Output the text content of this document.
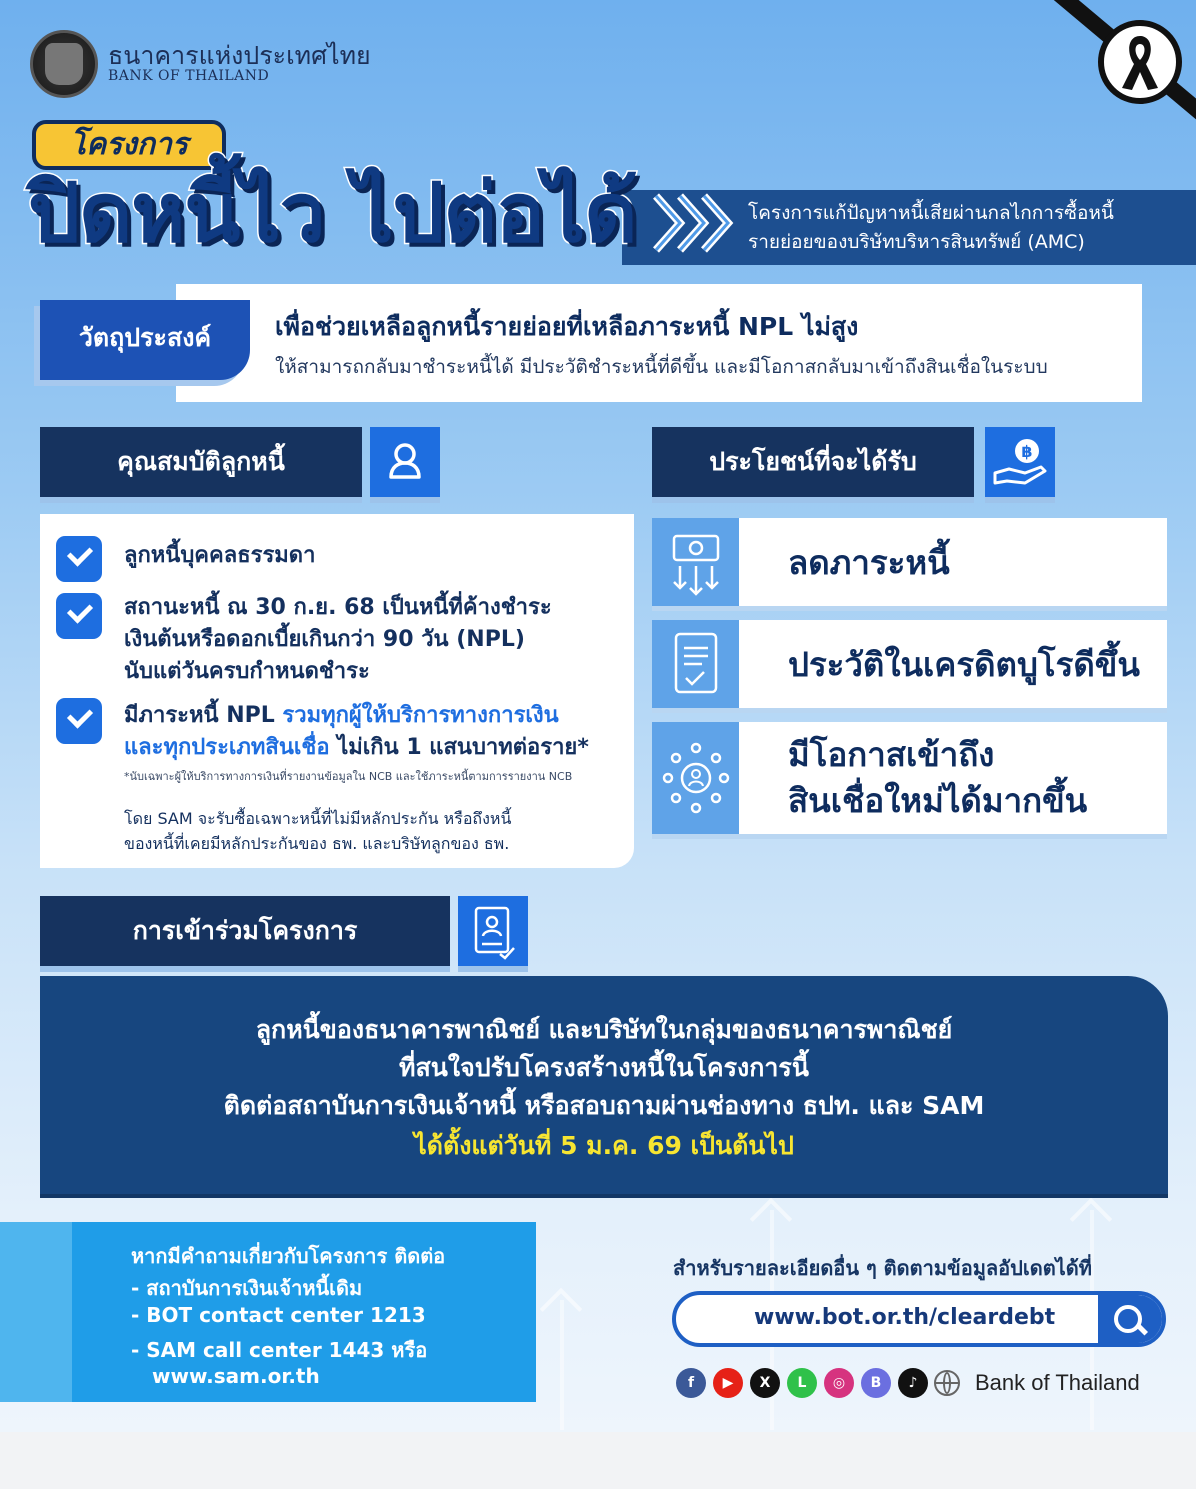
ธนาคารแห่งประเทศไทย
BANK OF THAILAND
โครงการ
ปิดหนี้ไว ไปต่อได้	โครงการแก้ปัญหาหนี้เสียผ่านกลไกการซื้อหนี้
รายย่อยของบริษัทบริหารสินทรัพย์ (AMC)
วัตถุประสงค์	เพื่อช่วยเหลือลูกหนี้รายย่อยที่เหลือภาระหนี้ NPL ไม่สูง
ให้สามารถกลับมาชำระหนี้ได้ มีประวัติชำระหนี้ที่ดีขึ้น และมีโอกาสกลับมาเข้าถึงสินเชื่อในระบบ
คุณสมบัติลูกหนี้	ประโยชน์ที่จะได้รับ	฿
ลูกหนี้บุคคลธรรมดา
สถานะหนี้ ณ 30 ก.ย. 68 เป็นหนี้ที่ค้างชำระ
เงินต้นหรือดอกเบี้ยเกินกว่า 90 วัน (NPL)
นับแต่วันครบกำหนดชำระ
มีภาระหนี้ NPL รวมทุกผู้ให้บริการทางการเงิน
และทุกประเภทสินเชื่อ ไม่เกิน 1 แสนบาทต่อราย*
*นับเฉพาะผู้ให้บริการทางการเงินที่รายงานข้อมูลใน NCB และใช้ภาระหนี้ตามการรายงาน NCB
โดย SAM จะรับซื้อเฉพาะหนี้ที่ไม่มีหลักประกัน หรือถึงหนี้
ของหนี้ที่เคยมีหลักประกันของ ธพ. และบริษัทลูกของ ธพ.
ลดภาระหนี้
ประวัติในเครดิตบูโรดีขึ้น
มีโอกาสเข้าถึง
สินเชื่อใหม่ได้มากขึ้น
การเข้าร่วมโครงการ
ลูกหนี้ของธนาคารพาณิชย์ และบริษัทในกลุ่มของธนาคารพาณิชย์
ที่สนใจปรับโครงสร้างหนี้ในโครงการนี้
ติดต่อสถาบันการเงินเจ้าหนี้ หรือสอบถามผ่านช่องทาง ธปท. และ SAM
ได้ตั้งแต่วันที่ 5 ม.ค. 69 เป็นต้นไป
หากมีคำถามเกี่ยวกับโครงการ ติดต่อ
- สถาบันการเงินเจ้าหนี้เดิม
- BOT contact center 1213
- SAM call center 1443 หรือ
www.sam.or.th
สำหรับรายละเอียดอื่น ๆ ติดตามข้อมูลอัปเดตได้ที่
www.bot.or.th/cleardebt
Bank of Thailand
f	▶	X	L	◎	B	♪
